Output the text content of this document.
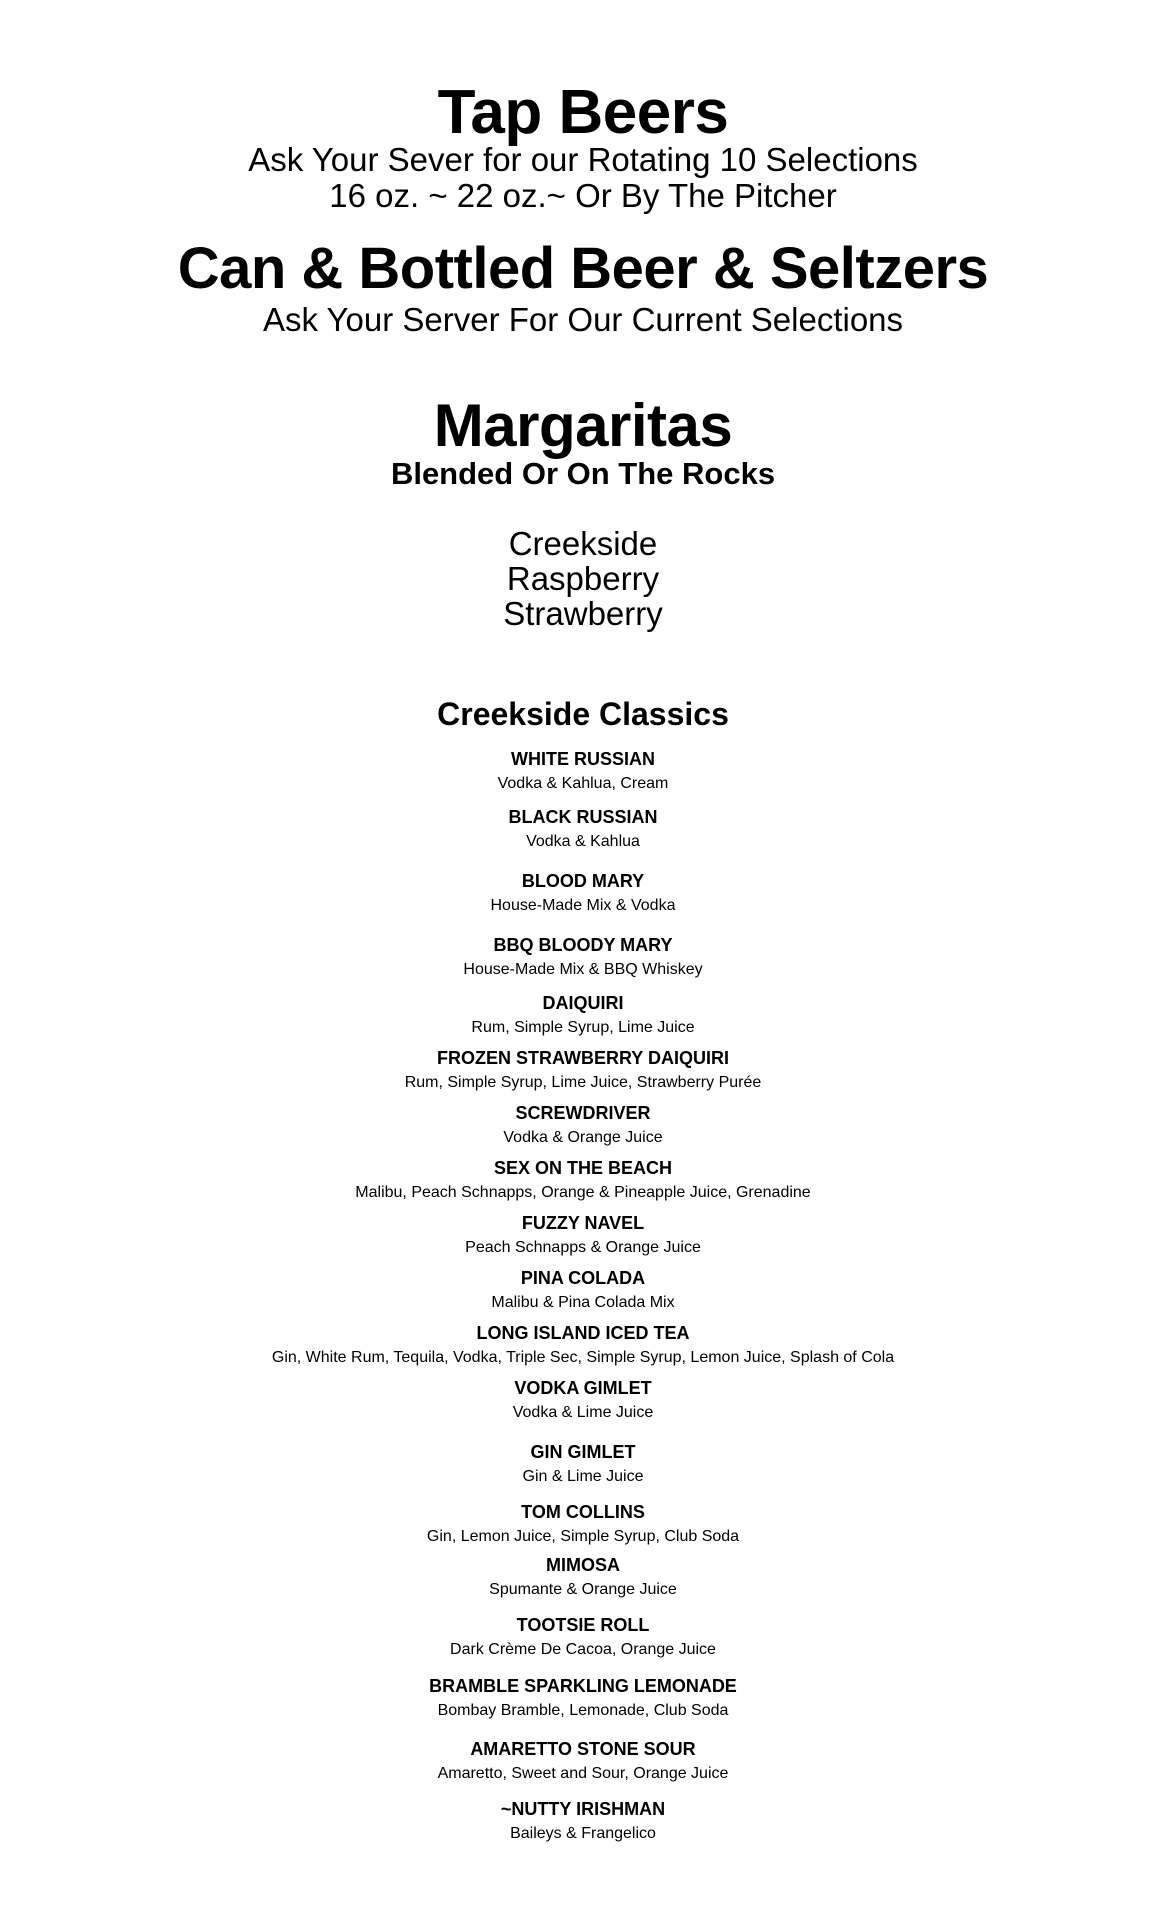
Tap Beers
Ask Your Sever for our Rotating 10 Selections
16 oz. ~ 22 oz.~ Or By The Pitcher
Can & Bottled Beer & Seltzers
Ask Your Server For Our Current Selections
Margaritas
Blended Or On The Rocks
Creekside
Raspberry
Strawberry
Creekside Classics
WHITE RUSSIAN
Vodka & Kahlua, Cream
BLACK RUSSIAN
Vodka & Kahlua
BLOOD MARY
House-Made Mix & Vodka
BBQ BLOODY MARY
House-Made Mix & BBQ Whiskey
DAIQUIRI
Rum, Simple Syrup, Lime Juice
FROZEN STRAWBERRY DAIQUIRI
Rum, Simple Syrup, Lime Juice, Strawberry Purée
SCREWDRIVER
Vodka & Orange Juice
SEX ON THE BEACH
Malibu, Peach Schnapps, Orange & Pineapple Juice, Grenadine
FUZZY NAVEL
Peach Schnapps & Orange Juice
PINA COLADA
Malibu & Pina Colada Mix
LONG ISLAND ICED TEA
Gin, White Rum, Tequila, Vodka, Triple Sec, Simple Syrup, Lemon Juice, Splash of Cola
VODKA GIMLET
Vodka & Lime Juice
GIN GIMLET
Gin & Lime Juice
TOM COLLINS
Gin, Lemon Juice, Simple Syrup, Club Soda
MIMOSA
Spumante & Orange Juice
TOOTSIE ROLL
Dark Crème De Cacoa, Orange Juice
BRAMBLE SPARKLING LEMONADE
Bombay Bramble, Lemonade, Club Soda
AMARETTO STONE SOUR
Amaretto, Sweet and Sour, Orange Juice
~NUTTY IRISHMAN
Baileys & Frangelico
